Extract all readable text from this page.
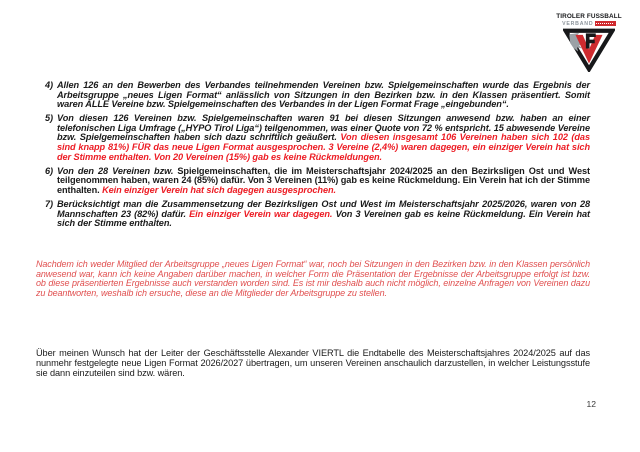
TIROLER FUSSBALL
VERBAND
4) Allen 126 an den Bewerben des Verbandes teilnehmenden Vereinen bzw. Spielgemeinschaften wurde das Ergebnis der Arbeitsgruppe „neues Ligen Format“ anlässlich von Sitzungen in den Bezirken bzw. in den Klassen präsentiert. Somit waren ALLE Vereine bzw. Spielgemeinschaften des Verbandes in der Ligen Format Frage „eingebunden“.
5) Von diesen 126 Vereinen bzw. Spielgemeinschaften waren 91 bei diesen Sitzungen anwesend bzw. haben an einer telefonischen Liga Umfrage („HYPO Tirol Liga“) teilgenommen, was einer Quote von 72 % entspricht. 15 abwesende Vereine bzw. Spielgemeinschaften haben sich dazu schriftlich geäußert. Von diesen insgesamt 106 Vereinen haben sich 102 (das sind knapp 81%) FÜR das neue Ligen Format ausgesprochen. 3 Vereine (2,4%) waren dagegen, ein einziger Verein hat sich der Stimme enthalten. Von 20 Vereinen (15%) gab es keine Rückmeldungen.
6) Von den 28 Vereinen bzw. Spielgemeinschaften, die im Meisterschaftsjahr 2024/2025 an den Bezirksligen Ost und West teilgenommen haben, waren 24 (85%) dafür. Von 3 Vereinen (11%) gab es keine Rückmeldung. Ein Verein hat ich der Stimme enthalten. Kein einziger Verein hat sich dagegen ausgesprochen.
7) Berücksichtigt man die Zusammensetzung der Bezirksligen Ost und West im Meisterschaftsjahr 2025/2026, waren von 28 Mannschaften 23 (82%) dafür. Ein einziger Verein war dagegen. Von 3 Vereinen gab es keine Rückmeldung. Ein Verein hat sich der Stimme enthalten.
Nachdem ich weder Mitglied der Arbeitsgruppe „neues Ligen Format“ war, noch bei Sitzungen in den Bezirken bzw. in den Klassen persönlich anwesend war, kann ich keine Angaben darüber machen, in welcher Form die Präsentation der Ergebnisse der Arbeitsgruppe erfolgt ist bzw. ob diese präsentierten Ergebnisse auch verstanden worden sind. Es ist mir deshalb auch nicht möglich, einzelne Anfragen von Vereinen dazu zu beantworten, weshalb ich ersuche, diese an die Mitglieder der Arbeitsgruppe zu stellen.
Über meinen Wunsch hat der Leiter der Geschäftsstelle Alexander VIERTL die Endtabelle des Meisterschaftsjahres 2024/2025 auf das nunmehr festgelegte neue Ligen Format 2026/2027 übertragen, um unseren Vereinen anschaulich darzustellen, in welcher Leistungsstufe sie dann einzuteilen sind bzw. wären.
12
